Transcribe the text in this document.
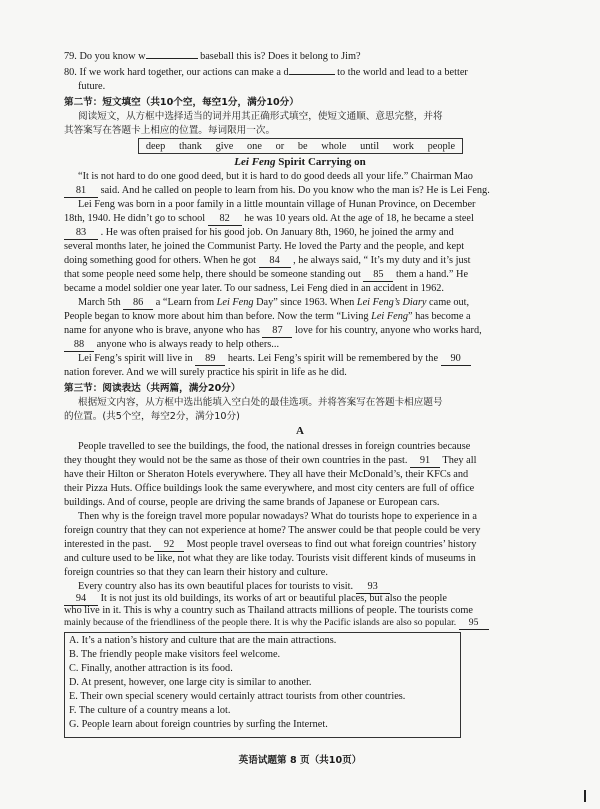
79. Do you know w	baseball this is? Does it belong to Jim?
80. If we work hard together, our actions can make a d	to the world and lead to a better
future.
第二节：短文填空（共10个空，每空1分，满分10分）
阅读短文，从方框中选择适当的词并用其正确形式填空，使短文通顺、意思完整，并将
其答案写在答题卡上相应的位置。每词限用一次。
deep thank give one or be whole until work people
Lei Feng Spirit Carrying on
“It is not hard to do one good deed, but it is hard to do good deeds all your life.” Chairman Mao
81 said. And he called on people to learn from his. Do you know who the man is? He is Lei Feng.
Lei Feng was born in a poor family in a little mountain village of Hunan Province, on December
18th, 1940. He didn’t go to school 82 he was 10 years old. At the age of 18, he became a steel
83 . He was often praised for his good job. On January 8th, 1960, he joined the army and
several months later, he joined the Communist Party. He loved the Party and the people, and kept
doing something good for others. When he got 84 , he always said, “ It’s my duty and it’s just
that some people need some help, there should be someone standing out 85 them a hand.” He
became a model soldier one year later. To our sadness, Lei Feng died in an accident in 1962.
March 5th 86 a “Learn from Lei Feng Day” since 1963. When Lei Feng’s Diary came out,
People began to know more about him than before. Now the term “Living Lei Feng” has become a
name for anyone who is brave, anyone who has 87 love for his country, anyone who works hard,
88 anyone who is always ready to help others...
Lei Feng’s spirit will live in 89 hearts. Lei Feng’s spirit will be remembered by the 90
nation forever. And we will surely practice his spirit in life as he did.
第三节：阅读表达（共两篇，满分20分）
根据短文内容，从方框中选出能填入空白处的最佳选项。并将答案写在答题卡相应题号
的位置。(共5个空，每空2分，满分10分)
A
People travelled to see the buildings, the food, the national dresses in foreign countries because
they thought they would not be the same as those of their own countries in the past. 91 They all
have their Hilton or Sheraton Hotels everywhere. They all have their McDonald’s, their KFCs and
their Pizza Huts. Office buildings look the same everywhere, and most city centers are full of office
buildings. And of course, people are driving the same brands of Japanese or European cars.
Then why is the foreign travel more popular nowadays? What do tourists hope to experience in a
foreign country that they can not experience at home? The answer could be that people could be very
interested in the past. 92 Most people travel overseas to find out what foreign countries’ history
and culture used to be like, not what they are like today. Tourists visit different kinds of museums in
foreign countries so that they can learn their history and culture.
Every country also has its own beautiful places for tourists to visit. 93
94 It is not just its old buildings, its works of art or beautiful places, but also the people
who live in it. This is why a country such as Thailand attracts millions of people. The tourists come
A. It’s a nation’s history and culture that are the main attractions.
B. The friendly people make visitors feel welcome.
C. Finally, another attraction is its food.
D. At present, however, one large city is similar to another.
E. Their own special scenery would certainly attract tourists from other countries.
F. The culture of a country means a lot.
G. People learn about foreign countries by surfing the Internet.
英语试题第 8 页（共10页）
mainly because of the friendliness of the people there. It is why the Pacific islands are also so popular. 95
